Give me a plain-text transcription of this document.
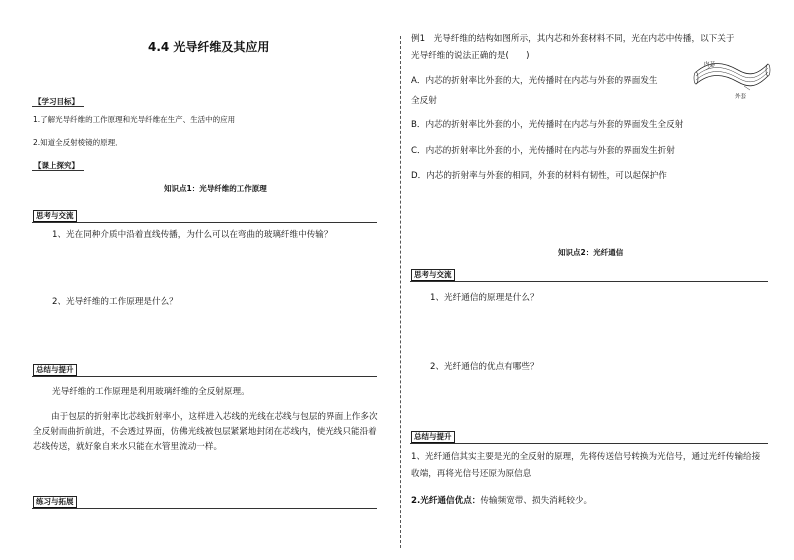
4.4 光导纤维及其应用
【学习目标】
1.了解光导纤维的工作原理和光导纤维在生产、生活中的应用
2.知道全反射棱镜的原理．
【课上探究】
知识点1：光导纤维的工作原理
思考与交流
1、光在同种介质中沿着直线传播，为什么可以在弯曲的玻璃纤维中传输？
2、光导纤维的工作原理是什么？
总结与提升
光导纤维的工作原理是利用玻璃纤维的全反射原理。
由于包层的折射率比芯线折射率小，这样进入芯线的光线在芯线与包层的界面上作多次全反射而曲折前进，不会透过界面，仿佛光线被包层紧紧地封闭在芯线内，使光线只能沿着芯线传送，就好象自来水只能在水管里流动一样。
练习与拓展
例1　光导纤维的结构如图所示，其内芯和外套材料不同，光在内芯中传播，以下关于
光导纤维的说法正确的是(　　)
A．内芯的折射率比外套的大，光传播时在内芯与外套的界面发生
全反射
内芯
外套
B．内芯的折射率比外套的小，光传播时在内芯与外套的界面发生全反射
C．内芯的折射率比外套的小，光传播时在内芯与外套的界面发生折射
D．内芯的折射率与外套的相同，外套的材料有韧性，可以起保护作
知识点2：光纤通信
思考与交流
1、光纤通信的原理是什么？
2、光纤通信的优点有哪些？
总结与提升
1、光纤通信其实主要是光的全反射的原理，先将传送信号转换为光信号，通过光纤传输给接收端，再将光信号还原为原信息
2.光纤通信优点：传输频宽带、损失消耗较少。
